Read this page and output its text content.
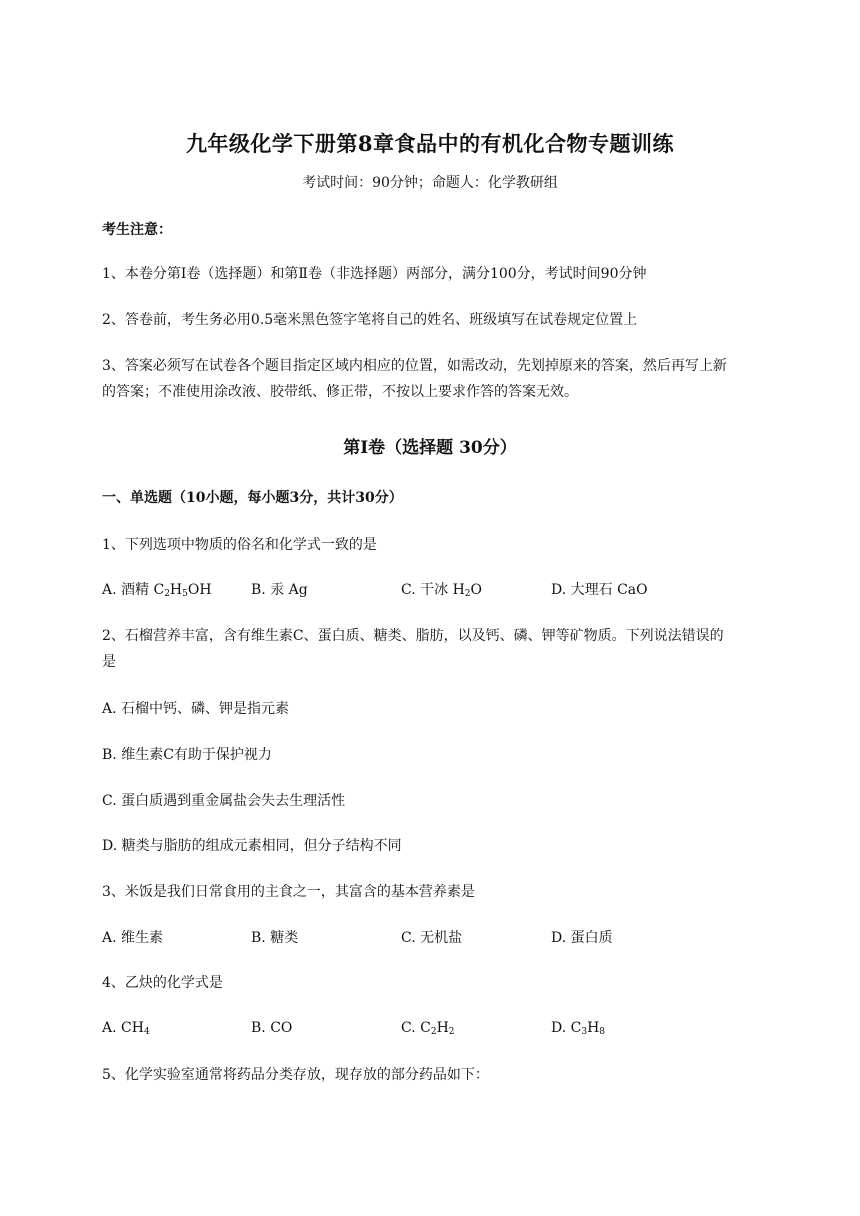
九年级化学下册第8章食品中的有机化合物专题训练
考试时间：90分钟；命题人：化学教研组
考生注意：
1、本卷分第I卷（选择题）和第Ⅱ卷（非选择题）两部分，满分100分，考试时间90分钟
2、答卷前，考生务必用0.5毫米黑色签字笔将自己的姓名、班级填写在试卷规定位置上
3、答案必须写在试卷各个题目指定区域内相应的位置，如需改动，先划掉原来的答案，然后再写上新
的答案；不准使用涂改液、胶带纸、修正带，不按以上要求作答的答案无效。
第I卷（选择题 30分）
一、单选题（10小题，每小题3分，共计30分）
1、下列选项中物质的俗名和化学式一致的是
A. 酒精 $C_2H_5OH$	B. 汞 Ag	C. 干冰 $H_2O$	D. 大理石 CaO
2、石榴营养丰富，含有维生素C、蛋白质、糖类、脂肪，以及钙、磷、钾等矿物质。下列说法错误的
是
A. 石榴中钙、磷、钾是指元素
B. 维生素C有助于保护视力
C. 蛋白质遇到重金属盐会失去生理活性
D. 糖类与脂肪的组成元素相同，但分子结构不同
3、米饭是我们日常食用的主食之一，其富含的基本营养素是
A. 维生素	B. 糖类	C. 无机盐	D. 蛋白质
4、乙炔的化学式是
A. $CH_4$	B. CO	C. $C_2H_2$	D. $C_3H_8$
5、化学实验室通常将药品分类存放，现存放的部分药品如下：
